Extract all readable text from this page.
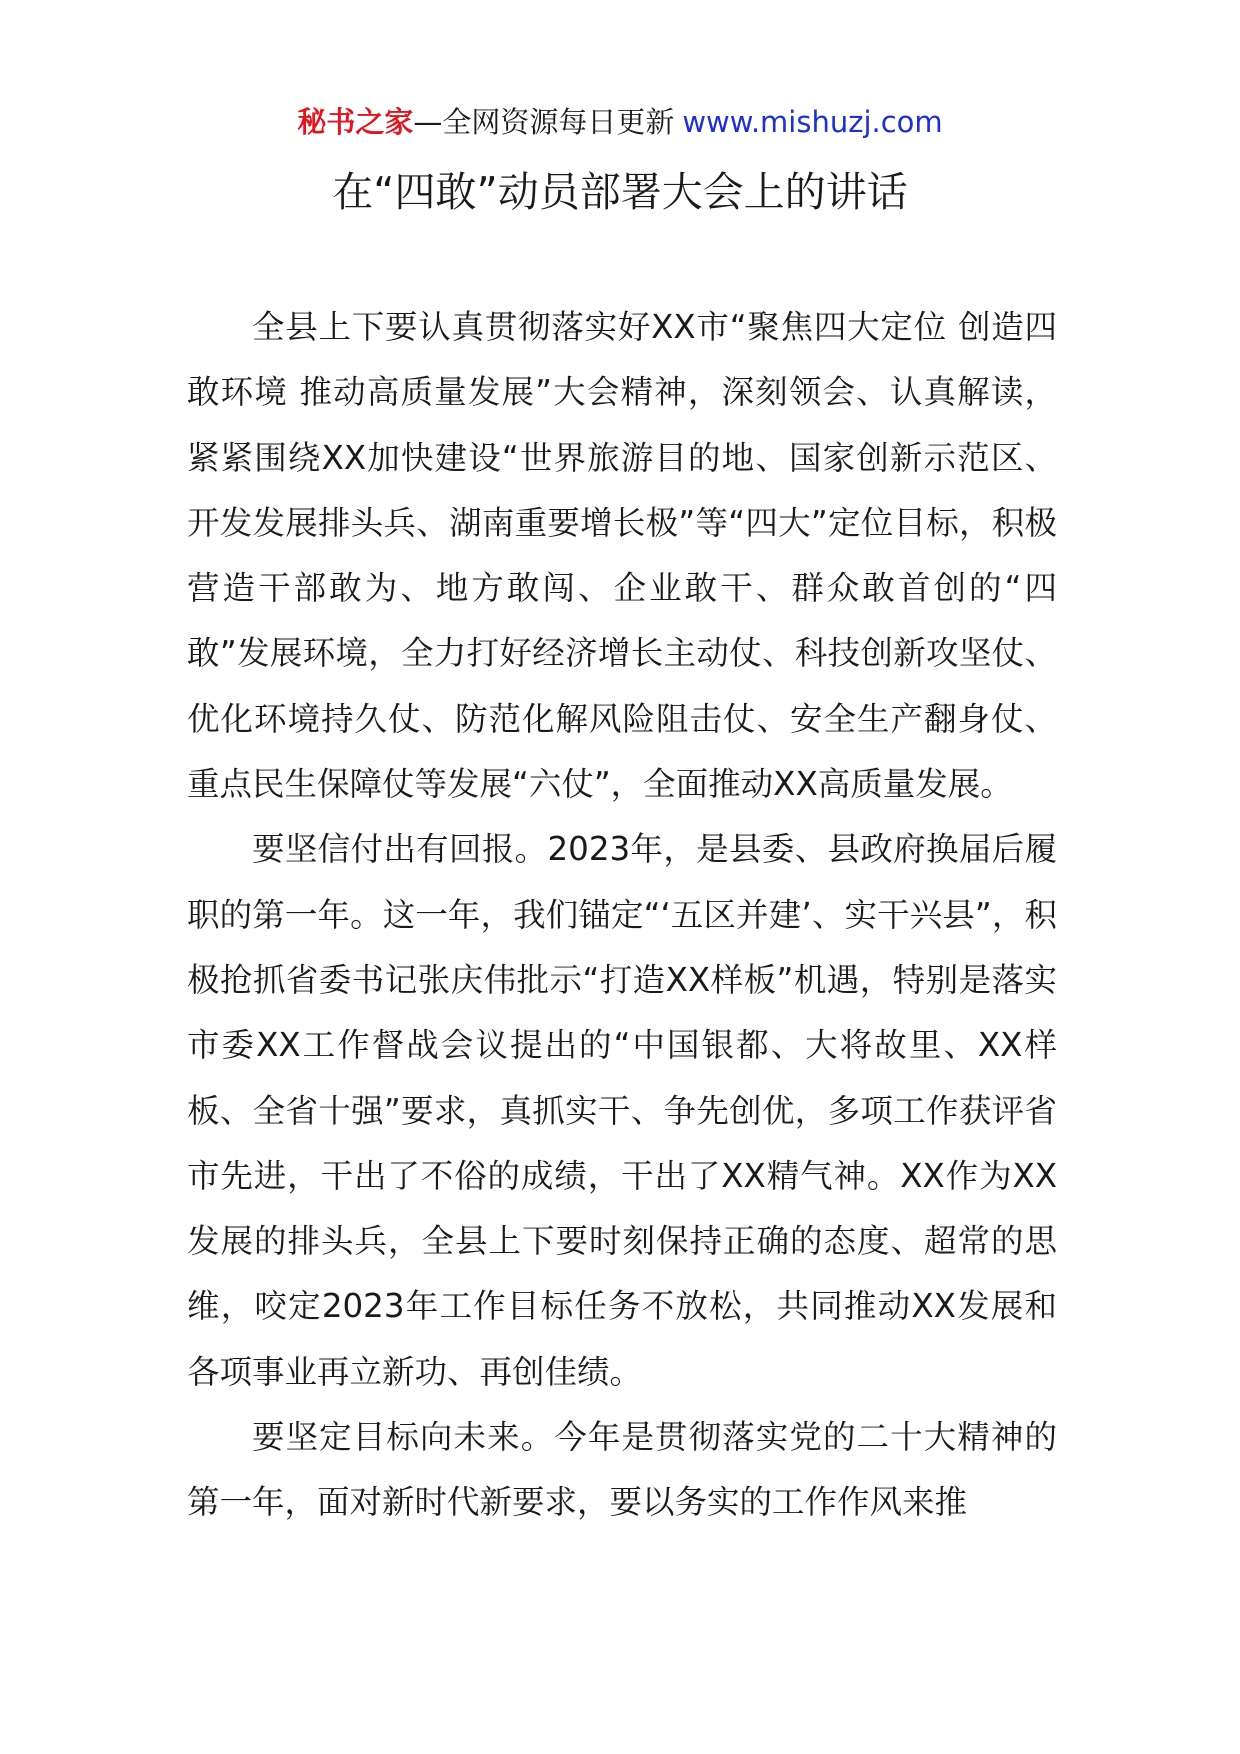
秘书之家—全网资源每日更新 www.mishuzj.com
在“四敢”动员部署大会上的讲话

全县上下要认真贯彻落实好XX市“聚焦四大定位 创造四敢环境 推动高质量发展”大会精神，深刻领会、认真解读，紧紧围绕XX加快建设“世界旅游目的地、国家创新示范区、开发发展排头兵、湖南重要增长极”等“四大”定位目标，积极营造干部敢为、地方敢闯、企业敢干、群众敢首创的“四敢”发展环境，全力打好经济增长主动仗、科技创新攻坚仗、优化环境持久仗、防范化解风险阻击仗、安全生产翻身仗、重点民生保障仗等发展“六仗”，全面推动XX高质量发展。

要坚信付出有回报。2023年，是县委、县政府换届后履职的第一年。这一年，我们锚定“‘五区并建’、实干兴县”，积极抢抓省委书记张庆伟批示“打造XX样板”机遇，特别是落实市委XX工作督战会议提出的“中国银都、大将故里、XX样板、全省十强”要求，真抓实干、争先创优，多项工作获评省市先进，干出了不俗的成绩，干出了XX精气神。XX作为XX发展的排头兵，全县上下要时刻保持正确的态度、超常的思维，咬定2023年工作目标任务不放松，共同推动XX发展和各项事业再立新功、再创佳绩。

要坚定目标向未来。今年是贯彻落实党的二十大精神的第一年，面对新时代新要求，要以务实的工作作风来推
